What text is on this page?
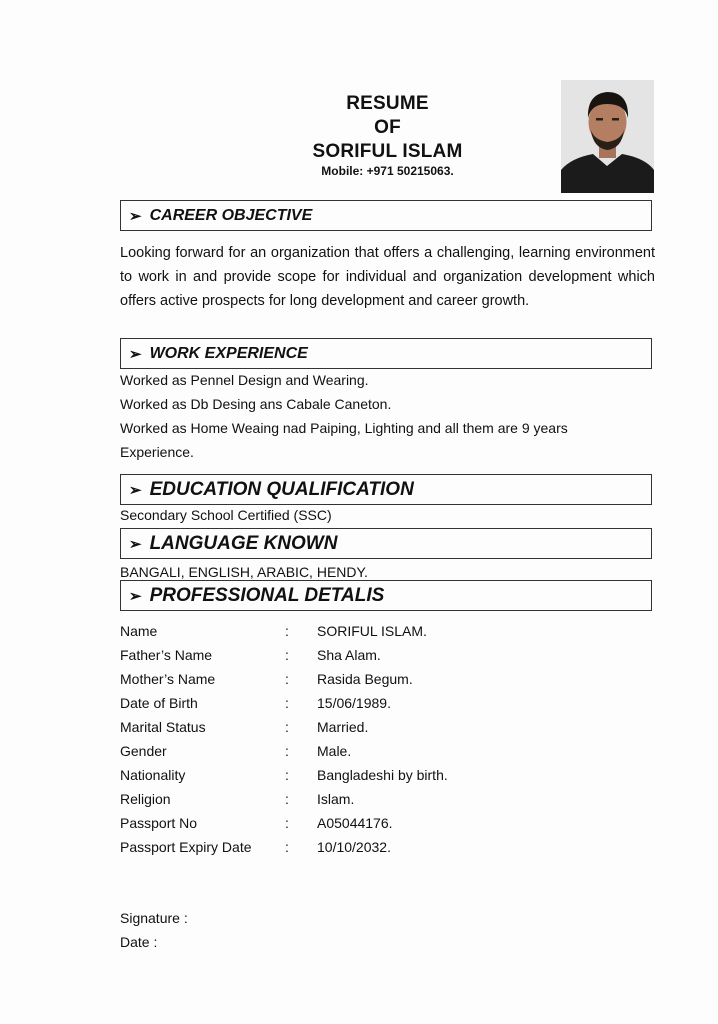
RESUME
OF
SORIFUL ISLAM
Mobile: +971 50215063.
➢ CAREER OBJECTIVE
Looking forward for an organization that offers a challenging, learning environment to work in and provide scope for individual and organization development which offers active prospects for long development and career growth.
➢ WORK EXPERIENCE
Worked as Pennel Design and Wearing.
Worked as Db Desing ans Cabale Caneton.
Worked as Home Weaing nad Paiping, Lighting and all them are 9 years
Experience.
➢ EDUCATION QUALIFICATION
Secondary School Certified (SSC)
➢ LANGUAGE KNOWN
BANGALI, ENGLISH, ARABIC, HENDY.
➢ PROFESSIONAL DETALIS
Name	: SORIFUL ISLAM.
Father’s Name	: Sha Alam.
Mother’s Name	: Rasida Begum.
Date of Birth	: 15/06/1989.
Marital Status	: Married.
Gender	: Male.
Nationality	: Bangladeshi by birth.
Religion	: Islam.
Passport No	: A05044176.
Passport Expiry Date : 10/10/2032.
Signature :
Date :
